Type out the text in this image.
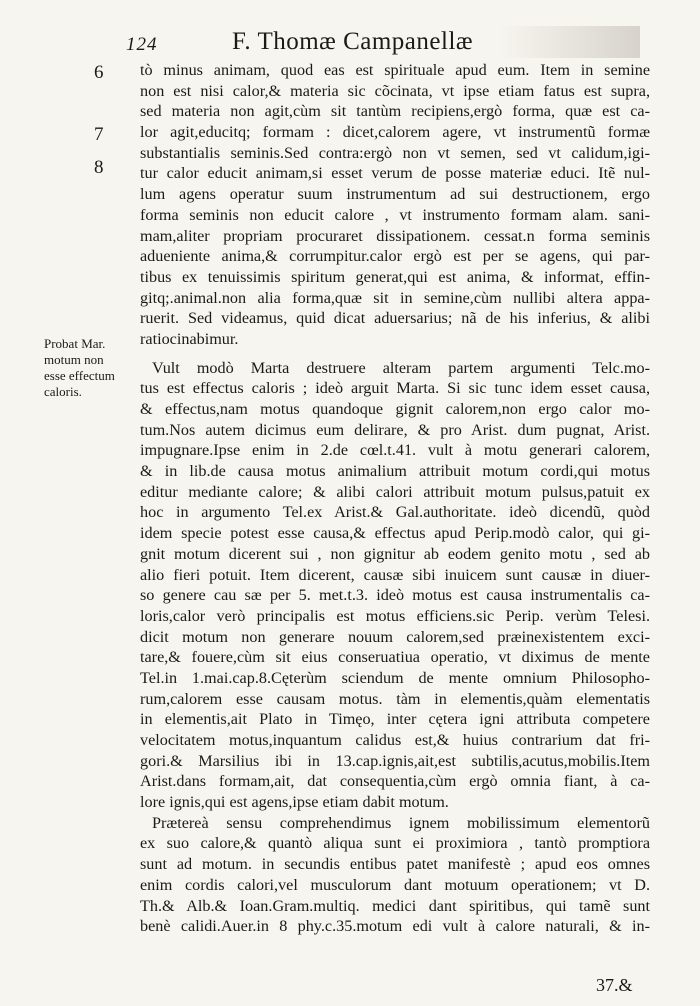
124	F. Thomæ Campanellæ
6
7
8
Probat Mar.
motum non
esse effectum
caloris.
tò minus animam, quod eas est spirituale apud eum. Item in semine
non est nisi calor,& materia sic cõcinata, vt ipse etiam fatus est supra,
sed materia non agit,cùm sit tantùm recipiens,ergò forma, quæ est ca-
lor agit,educitq; formam : dicet,calorem agere, vt instrumentũ formæ
substantialis seminis.Sed contra:ergò non vt semen, sed vt calidum,igi-
tur calor educit animam,si esset verum de posse materiæ educi. Itẽ nul-
lum agens operatur suum instrumentum ad sui destructionem, ergo
forma seminis non educit calore , vt instrumento formam alam. sani-
mam,aliter propriam procuraret dissipationem. cessat.n forma seminis
adueniente anima,& corrumpitur.calor ergò est per se agens, qui par-
tibus ex tenuissimis spiritum generat,qui est anima, & informat, effin-
gitq;.animal.non alia forma,quæ sit in semine,cùm nullibi altera appa-
ruerit. Sed videamus, quid dicat aduersarius; nã de his inferius, & alibi
ratiocinabimur.
Vult modò Marta destruere alteram partem argumenti Telc.mo-
tus est effectus caloris ; ideò arguit Marta. Si sic tunc idem esset causa,
& effectus,nam motus quandoque gignit calorem,non ergo calor mo-
tum.Nos autem dicimus eum delirare, & pro Arist. dum pugnat, Arist.
impugnare.Ipse enim in 2.de cœl.t.41. vult à motu generari calorem,
& in lib.de causa motus animalium attribuit motum cordi,qui motus
editur mediante calore; & alibi calori attribuit motum pulsus,patuit ex
hoc in argumento Tel.ex Arist.& Gal.authoritate. ideò dicendũ, quòd
idem specie potest esse causa,& effectus apud Perip.modò calor, qui gi-
gnit motum dicerent sui , non gignitur ab eodem genito motu , sed ab
alio fieri potuit. Item dicerent, causæ sibi inuicem sunt causæ in diuer-
so genere cau sæ per 5. met.t.3. ideò motus est causa instrumentalis ca-
loris,calor verò principalis est motus efficiens.sic Perip. verùm Telesi.
dicit motum non generare nouum calorem,sed præinexistentem exci-
tare,& fouere,cùm sit eius conseruatiua operatio, vt diximus de mente
Tel.in 1.mai.cap.8.Cęterùm sciendum de mente omnium Philosopho-
rum,calorem esse causam motus. tàm in elementis,quàm elementatis
in elementis,ait Plato in Timęo, inter cętera igni attributa competere
velocitatem motus,inquantum calidus est,& huius contrarium dat fri-
gori.& Marsilius ibi in 13.cap.ignis,ait,est subtilis,acutus,mobilis.Item
Arist.dans formam,ait, dat consequentia,cùm ergò omnia fiant, à ca-
lore ignis,qui est agens,ipse etiam dabit motum.
Prætereà sensu comprehendimus ignem mobilissimum elementorũ
ex suo calore,& quantò aliqua sunt ei proximiora , tantò promptiora
sunt ad motum. in secundis entibus patet manifestè ; apud eos omnes
enim cordis calori,vel musculorum dant motuum operationem; vt D.
Th.& Alb.& Ioan.Gram.multiq. medici dant spiritibus, qui tamẽ sunt
benè calidi.Auer.in 8 phy.c.35.motum edi vult à calore naturali, & in-
37.&
